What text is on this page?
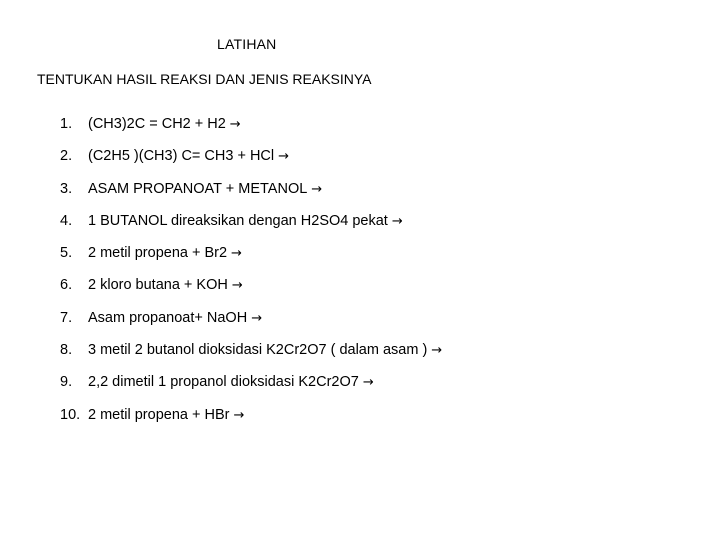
LATIHAN
TENTUKAN HASIL REAKSI DAN JENIS REAKSINYA
1.	(CH3)2C = CH2 + H2 →
2.	(C2H5 )(CH3) C= CH3 + HCl →
3.	ASAM PROPANOAT + METANOL →
4.	1 BUTANOL direaksikan dengan H2SO4 pekat →
5.	2 metil propena + Br2 →
6.	2 kloro butana + KOH →
7.	Asam propanoat+ NaOH →
8.	3 metil 2 butanol dioksidasi K2Cr2O7 ( dalam asam ) →
9.	2,2 dimetil 1 propanol dioksidasi K2Cr2O7 →
10. 2 metil propena + HBr →
